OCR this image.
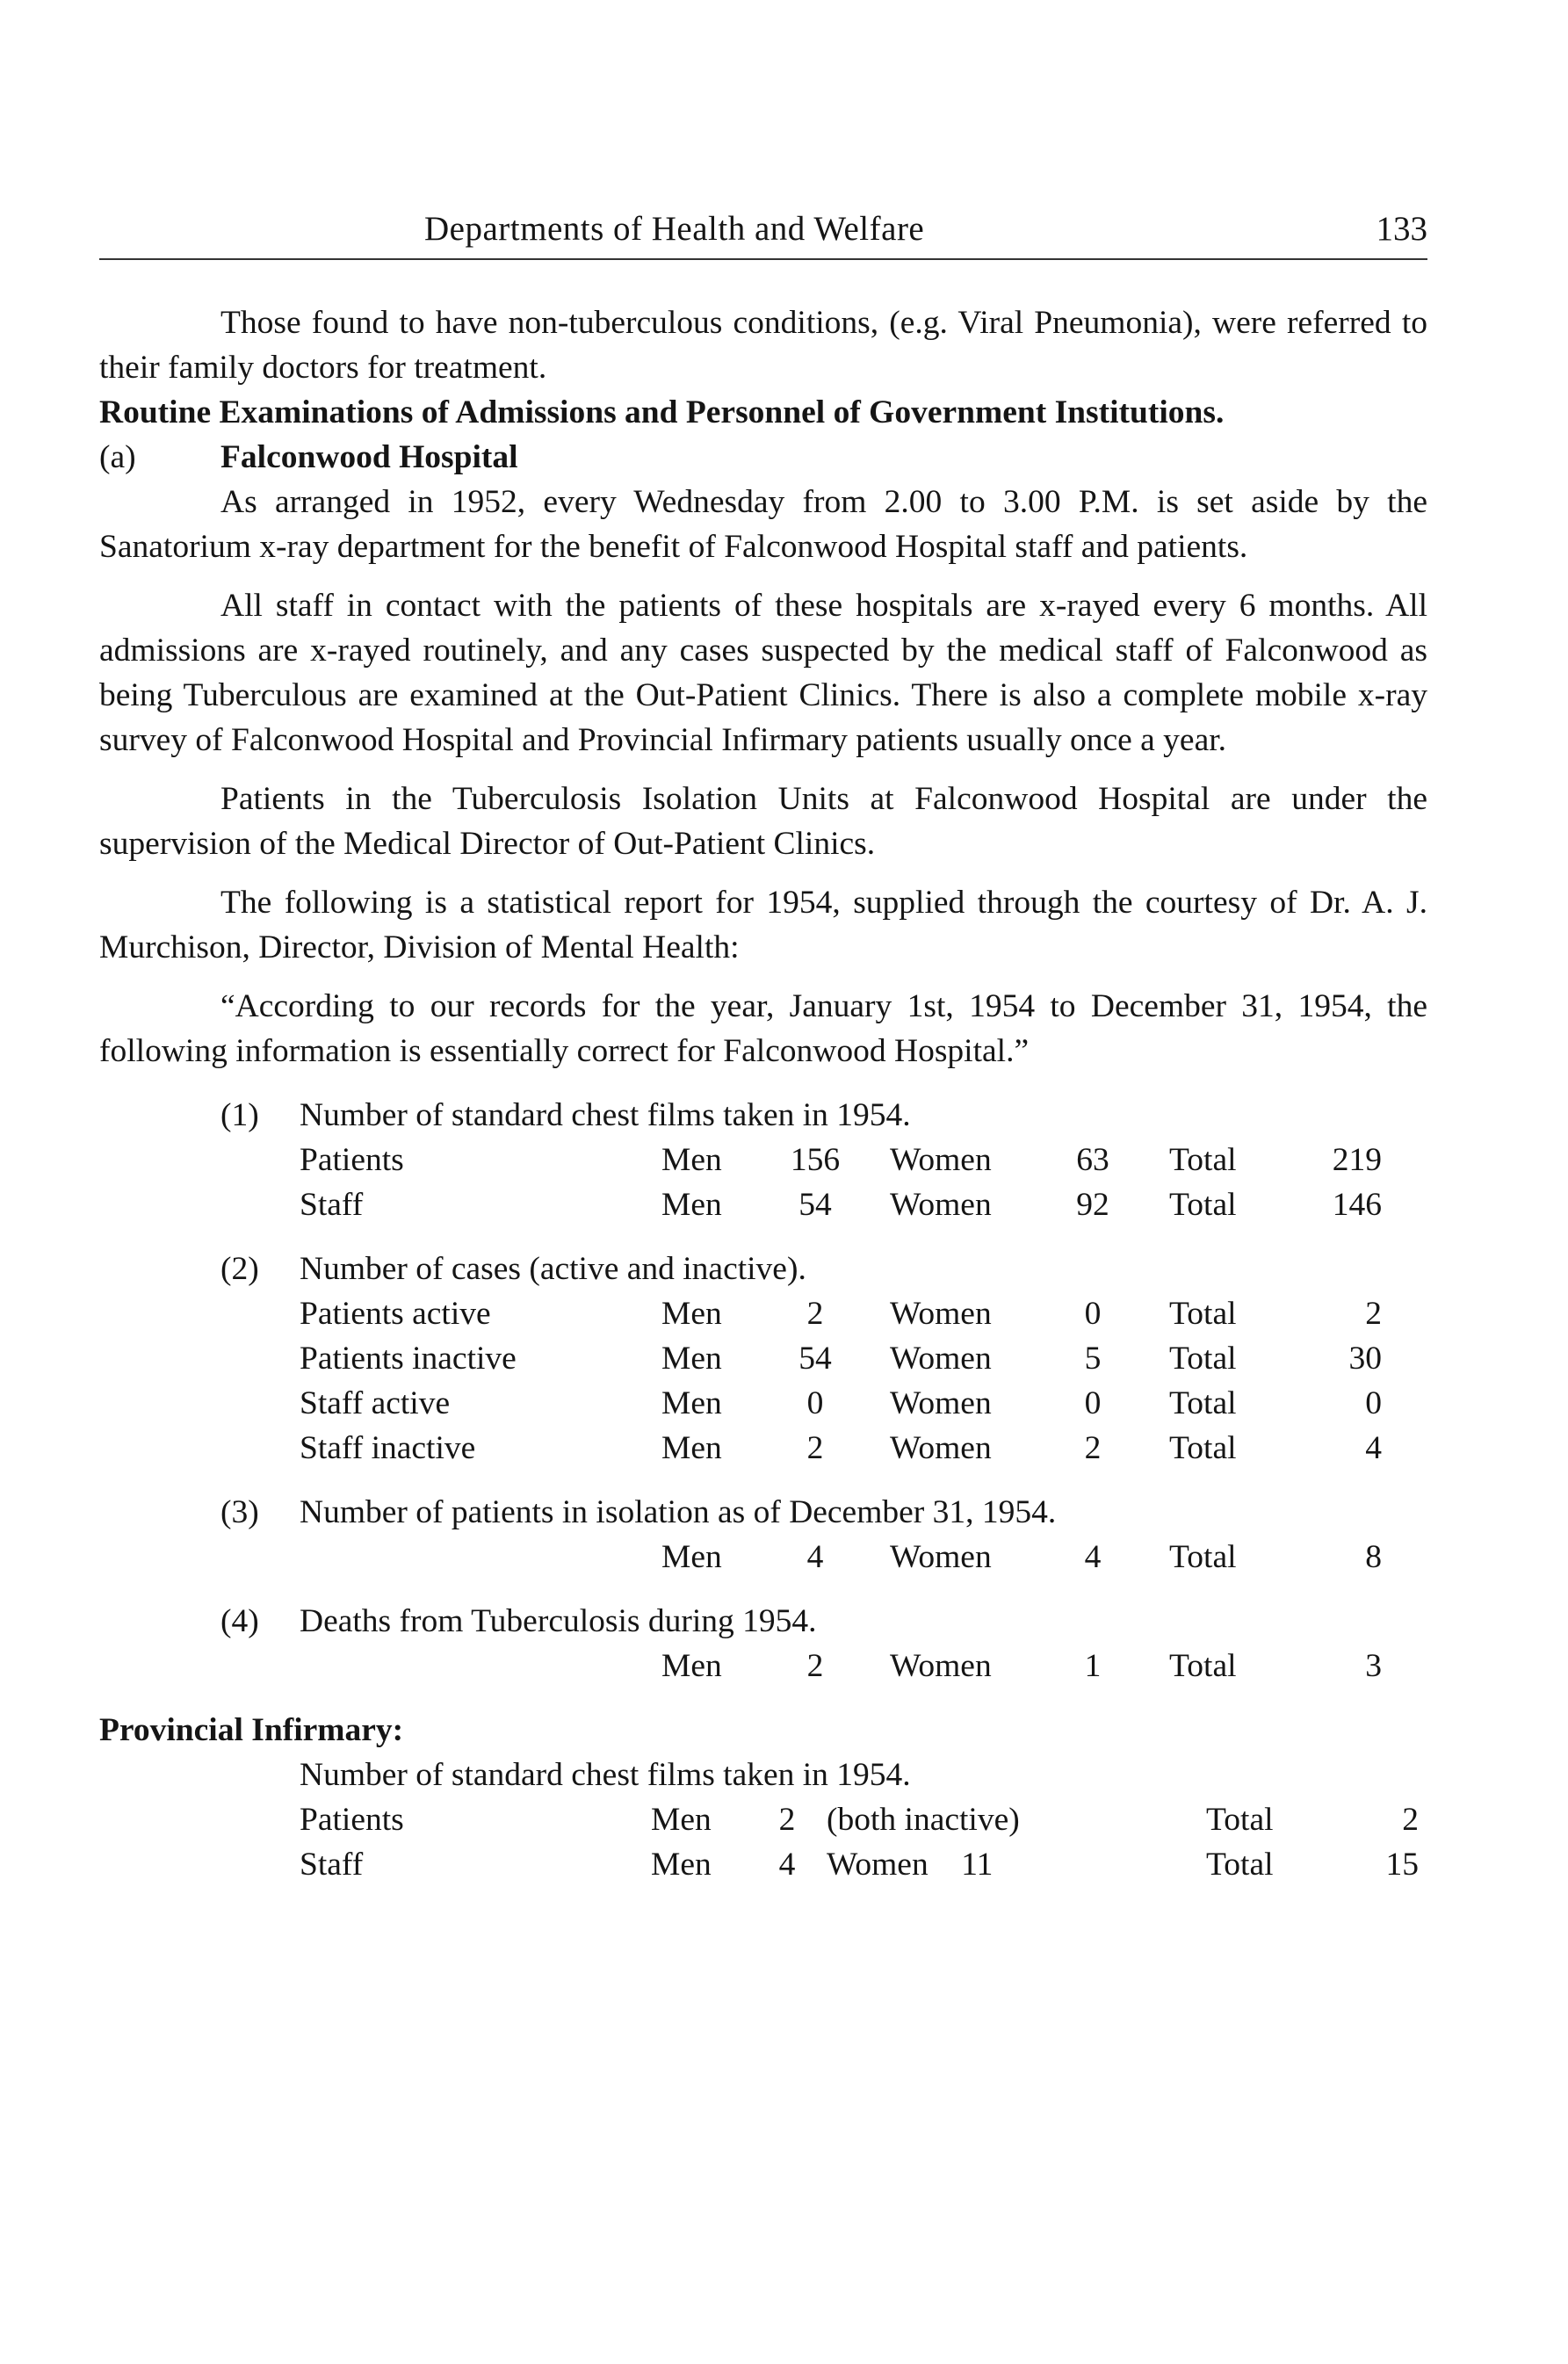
Departments of Health and Welfare	133

Those found to have non-tuberculous conditions, (e.g. Viral Pneumonia), were referred to their family doctors for treatment.

Routine Examinations of Admissions and Personnel of Government Institutions.

(a)	Falconwood Hospital

As arranged in 1952, every Wednesday from 2.00 to 3.00 P.M. is set aside by the Sanatorium x-ray department for the benefit of Falconwood Hospital staff and patients.

All staff in contact with the patients of these hospitals are x-rayed every 6 months. All admissions are x-rayed routinely, and any cases suspected by the medical staff of Falconwood as being Tuberculous are examined at the Out-Patient Clinics. There is also a complete mobile x-ray survey of Falconwood Hospital and Provincial Infirmary patients usually once a year.

Patients in the Tuberculosis Isolation Units at Falconwood Hospital are under the supervision of the Medical Director of Out-Patient Clinics.

The following is a statistical report for 1954, supplied through the courtesy of Dr. A. J. Murchison, Director, Division of Mental Health:

“According to our records for the year, January 1st, 1954 to December 31, 1954, the following information is essentially correct for Falconwood Hospital.”

(1) Number of standard chest films taken in 1954.
Patients	Men	156	Women	63	Total	219
Staff	Men	54	Women	92	Total	146
(2) Number of cases (active and inactive).
Patients active	Men	2	Women	0	Total	2
Patients inactive	Men	54	Women	5	Total	30
Staff active	Men	0	Women	0	Total	0
Staff inactive	Men	2	Women	2	Total	4
(3) Number of patients in isolation as of December 31, 1954.
	Men	4	Women	4	Total	8
(4) Deaths from Tuberculosis during 1954.
	Men	2	Women	1	Total	3
Provincial Infirmary:
Number of standard chest films taken in 1954.
Patients	Men	2	(both inactive)	Total	2
Staff	Men	4	Women    11	Total	15
